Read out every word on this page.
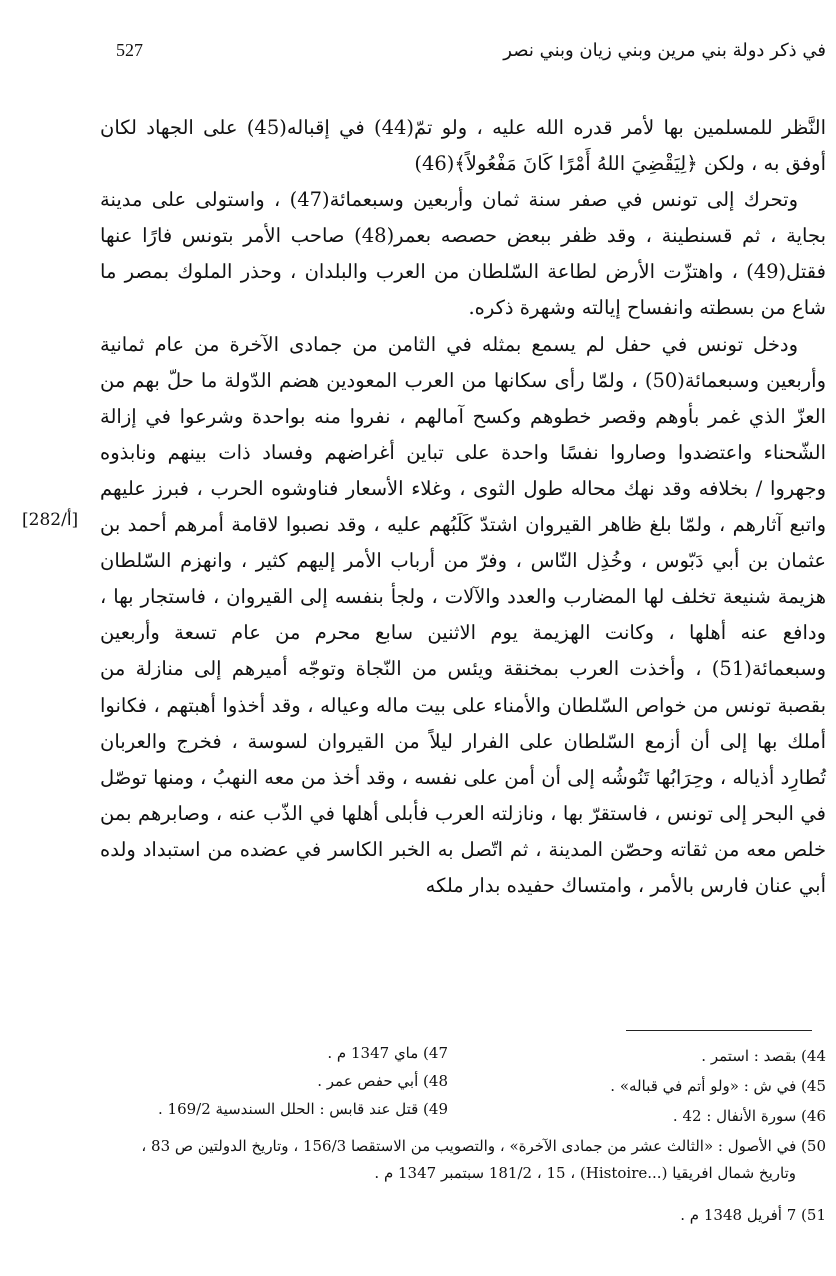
527	في ذكر دولة بني مرين وبني زيان وبني نصر

النَّظر للمسلمين بها لأمر قدره الله عليه ، ولو تمّ(44) في إقباله(45) على الجهاد لكان أوفق به ، ولكن ﴿لِيَقْضِيَ اللهُ أَمْرًا كَانَ مَفْعُولاً﴾(46)

وتحرك إلى تونس في صفر سنة ثمان وأربعين وسبعمائة(47) ، واستولى على مدينة بجاية ، ثم قسنطينة ، وقد ظفر ببعض حصصه بعمر(48) صاحب الأمر بتونس فارًا عنها فقتل(49) ، واهتزّت الأرض لطاعة السّلطان من العرب والبلدان ، وحذر الملوك بمصر ما شاع من بسطته وانفساح إيالته وشهرة ذكره.

ودخل تونس في حفل لم يسمع بمثله في الثامن من جمادى الآخرة من عام ثمانية وأربعين وسبعمائة(50) ، ولمّا رأى سكانها من العرب المعودين هضم الدّولة ما حلّ بهم من العزّ الذي غمر بأوهم وقصر خطوهم وكسح آمالهم ، نفروا منه بواحدة وشرعوا في إزالة الشّحناء واعتضدوا وصاروا نفسًا واحدة على تباين أغراضهم وفساد ذات بينهم ونابذوه وجهروا / بخلافه وقد نهك محاله طول الثوى ، وغلاء الأسعار فناوشوه الحرب ، فبرز عليهم واتبع آثارهم ، ولمّا بلغ ظاهر القيروان اشتدّ كَلَبُهم عليه ، وقد نصبوا لاقامة أمرهم أحمد بن عثمان بن أبي دَبّوس ، وخُذِل النّاس ، وفرّ من أرباب الأمر إليهم كثير ، وانهزم السّلطان هزيمة شنيعة تخلف لها المضارب والعدد والآلات ، ولجأ بنفسه إلى القيروان ، فاستجار بها ، ودافع عنه أهلها ، وكانت الهزيمة يوم الاثنين سابع محرم من عام تسعة وأربعين وسبعمائة(51) ، وأخذت العرب بمخنقة ويئس من النّجاة وتوجّه أميرهم إلى منازلة من بقصبة تونس من خواص السّلطان والأمناء على بيت ماله وعياله ، وقد أخذوا أهبتهم ، فكانوا أملك بها إلى أن أزمع السّلطان على الفرار ليلاً من القيروان لسوسة ، فخرج والعربان تُطارِد أذياله ، وحِرَابُها تَنُوشُه إلى أن أمن على نفسه ، وقد أخذ من معه النهبُ ، ومنها توصّل في البحر إلى تونس ، فاستقرّ بها ، ونازلته العرب فأبلى أهلها في الذّب عنه ، وصابرهم بمن خلص معه من ثقاته وحصّن المدينة ، ثم اتّصل به الخبر الكاسر في عضده من استبداد ولده أبي عنان فارس بالأمر ، وامتساك حفيده بدار ملكه

[282/أ]
44) بقصد : استمر .
45) في ش : «ولو أتم في قباله» .
46) سورة الأنفال : 42 .
47) ماي 1347 م .
48) أبي حفص عمر .
49) قتل عند قابس : الحلل السندسية 169/2 .
50) في الأصول : «الثالث عشر من جمادى الآخرة» ، والتصويب من الاستقصا 156/3 ، وتاريخ الدولتين ص 83 ،
وتاريخ شمال افريقيا (...Histoire) ، 181/2 ، 15 سبتمبر 1347 م .
51) 7 أفريل 1348 م .
